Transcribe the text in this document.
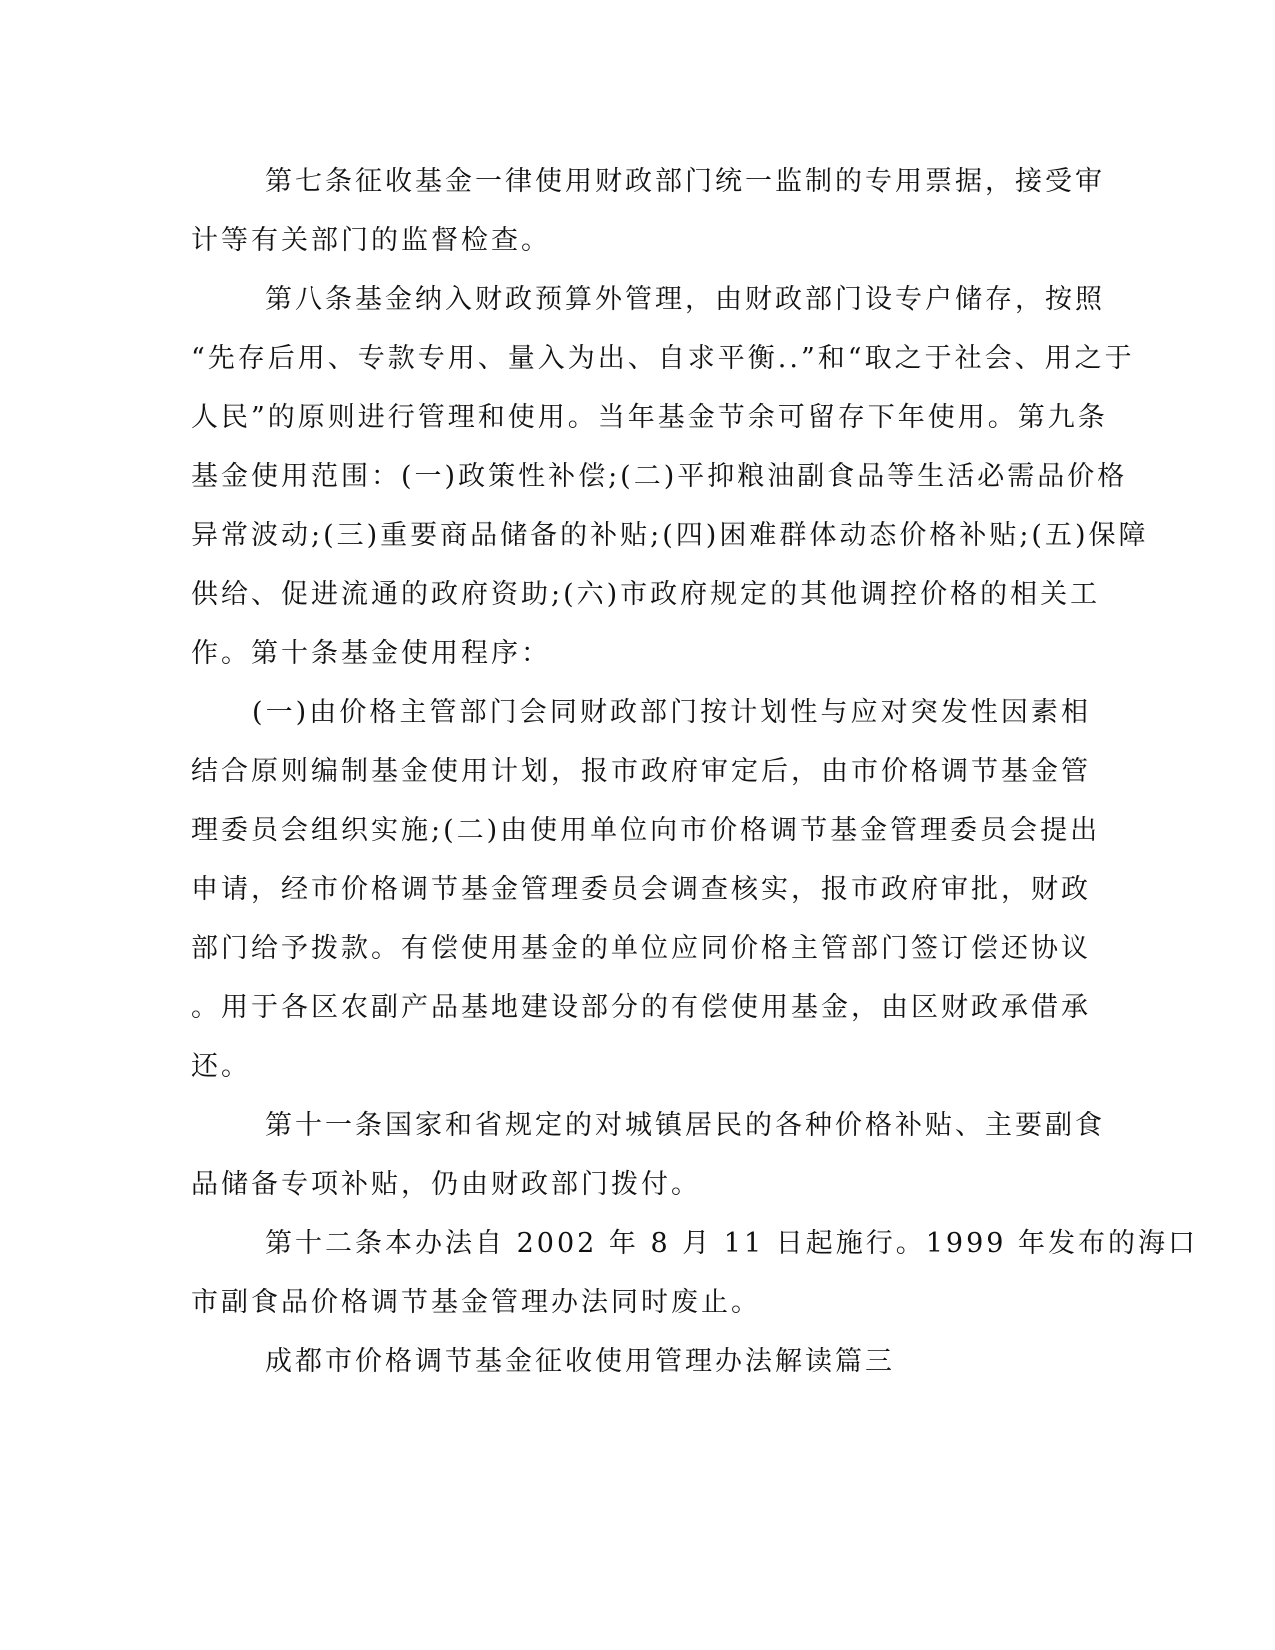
第七条征收基金一律使用财政部门统一监制的专用票据，接受审
计等有关部门的监督检查。
第八条基金纳入财政预算外管理，由财政部门设专户储存，按照
“先存后用、专款专用、量入为出、自求平衡..”和“取之于社会、用之于
人民”的原则进行管理和使用。当年基金节余可留存下年使用。第九条
基金使用范围：(一)政策性补偿;(二)平抑粮油副食品等生活必需品价格
异常波动;(三)重要商品储备的补贴;(四)困难群体动态价格补贴;(五)保障
供给、促进流通的政府资助;(六)市政府规定的其他调控价格的相关工
作。第十条基金使用程序：
(一)由价格主管部门会同财政部门按计划性与应对突发性因素相
结合原则编制基金使用计划，报市政府审定后，由市价格调节基金管
理委员会组织实施;(二)由使用单位向市价格调节基金管理委员会提出
申请，经市价格调节基金管理委员会调查核实，报市政府审批，财政
部门给予拨款。有偿使用基金的单位应同价格主管部门签订偿还协议
。用于各区农副产品基地建设部分的有偿使用基金，由区财政承借承
还。
第十一条国家和省规定的对城镇居民的各种价格补贴、主要副食
品储备专项补贴，仍由财政部门拨付。
第十二条本办法自 2002 年 8 月 11 日起施行。1999 年发布的海口
市副食品价格调节基金管理办法同时废止。
成都市价格调节基金征收使用管理办法解读篇三
